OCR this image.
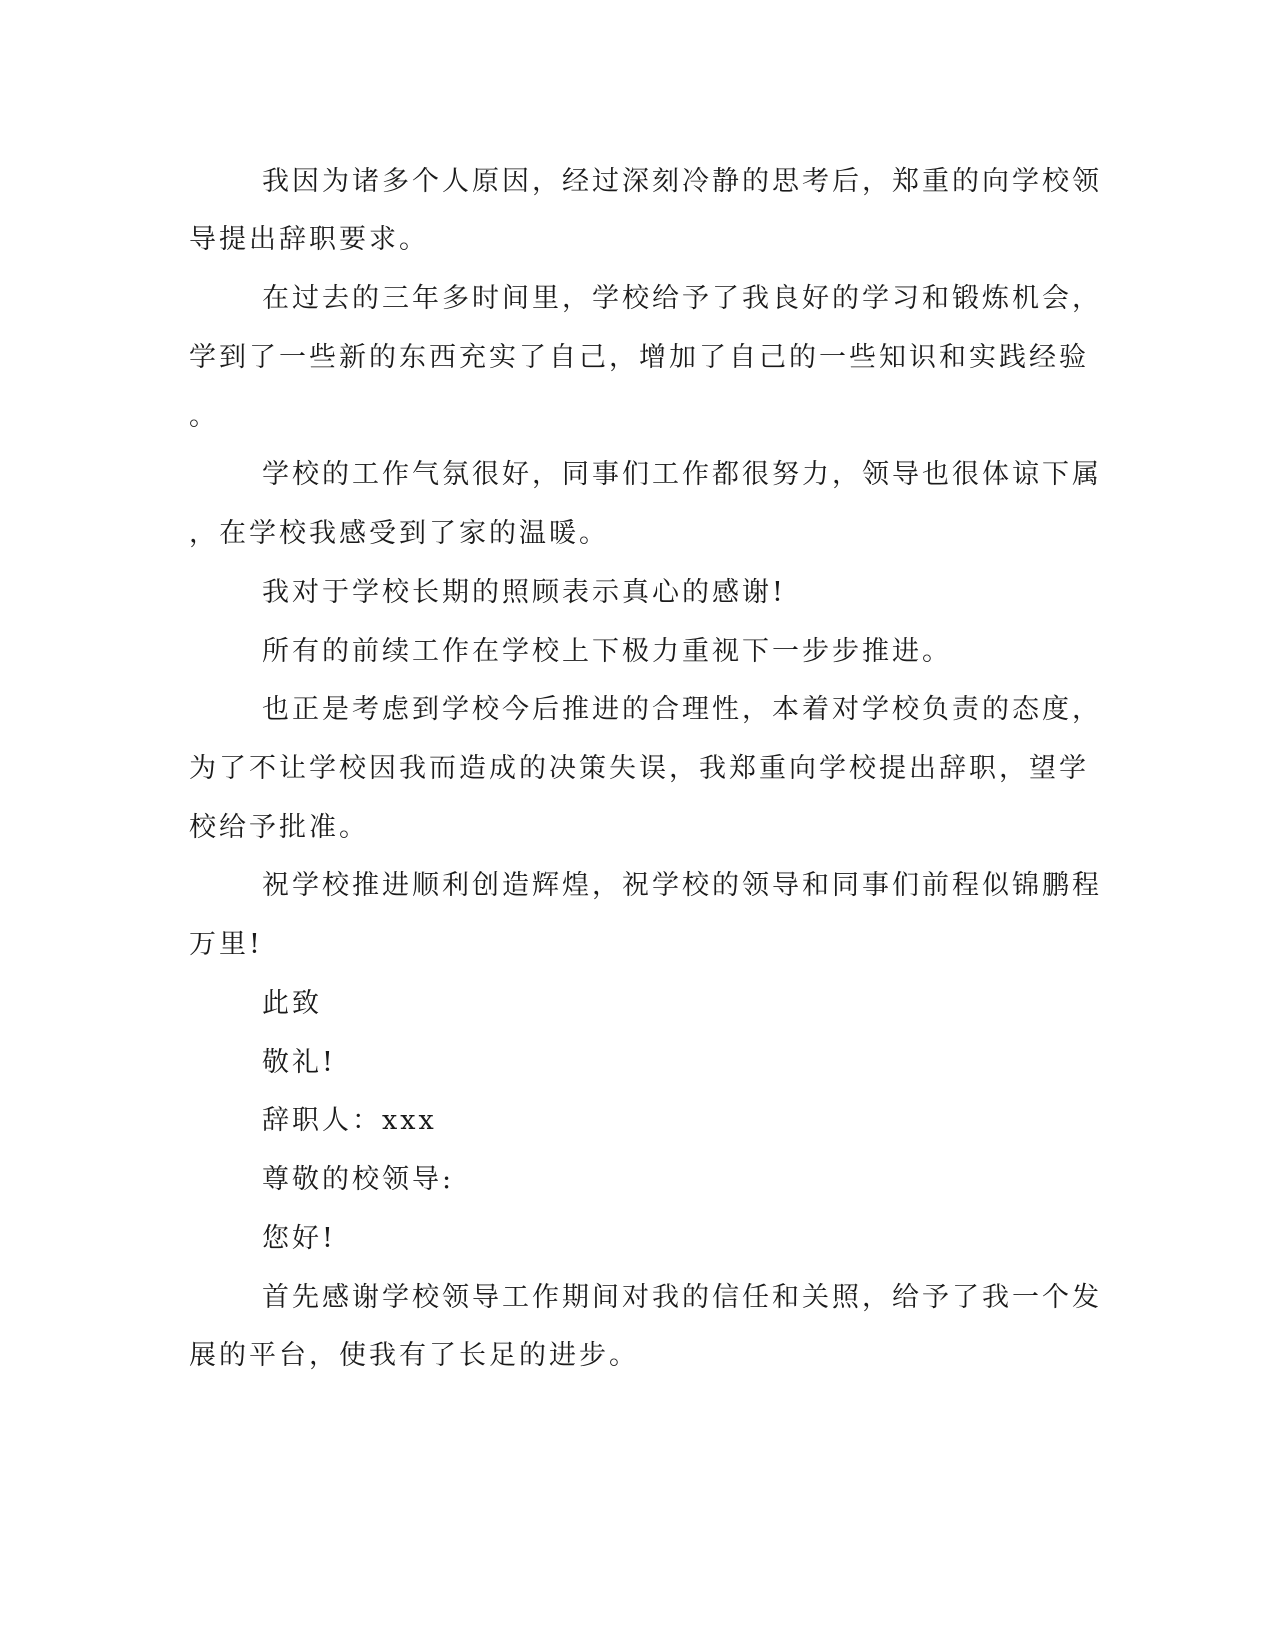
我因为诸多个人原因，经过深刻冷静的思考后，郑重的向学校领
导提出辞职要求。
在过去的三年多时间里，学校给予了我良好的学习和锻炼机会，
学到了一些新的东西充实了自己，增加了自己的一些知识和实践经验
。
学校的工作气氛很好，同事们工作都很努力，领导也很体谅下属
，在学校我感受到了家的温暖。
我对于学校长期的照顾表示真心的感谢!
所有的前续工作在学校上下极力重视下一步步推进。
也正是考虑到学校今后推进的合理性，本着对学校负责的态度，
为了不让学校因我而造成的决策失误，我郑重向学校提出辞职，望学
校给予批准。
祝学校推进顺利创造辉煌，祝学校的领导和同事们前程似锦鹏程
万里!
此致
敬礼!
辞职人：xxx
尊敬的校领导:
您好!
首先感谢学校领导工作期间对我的信任和关照，给予了我一个发
展的平台，使我有了长足的进步。
